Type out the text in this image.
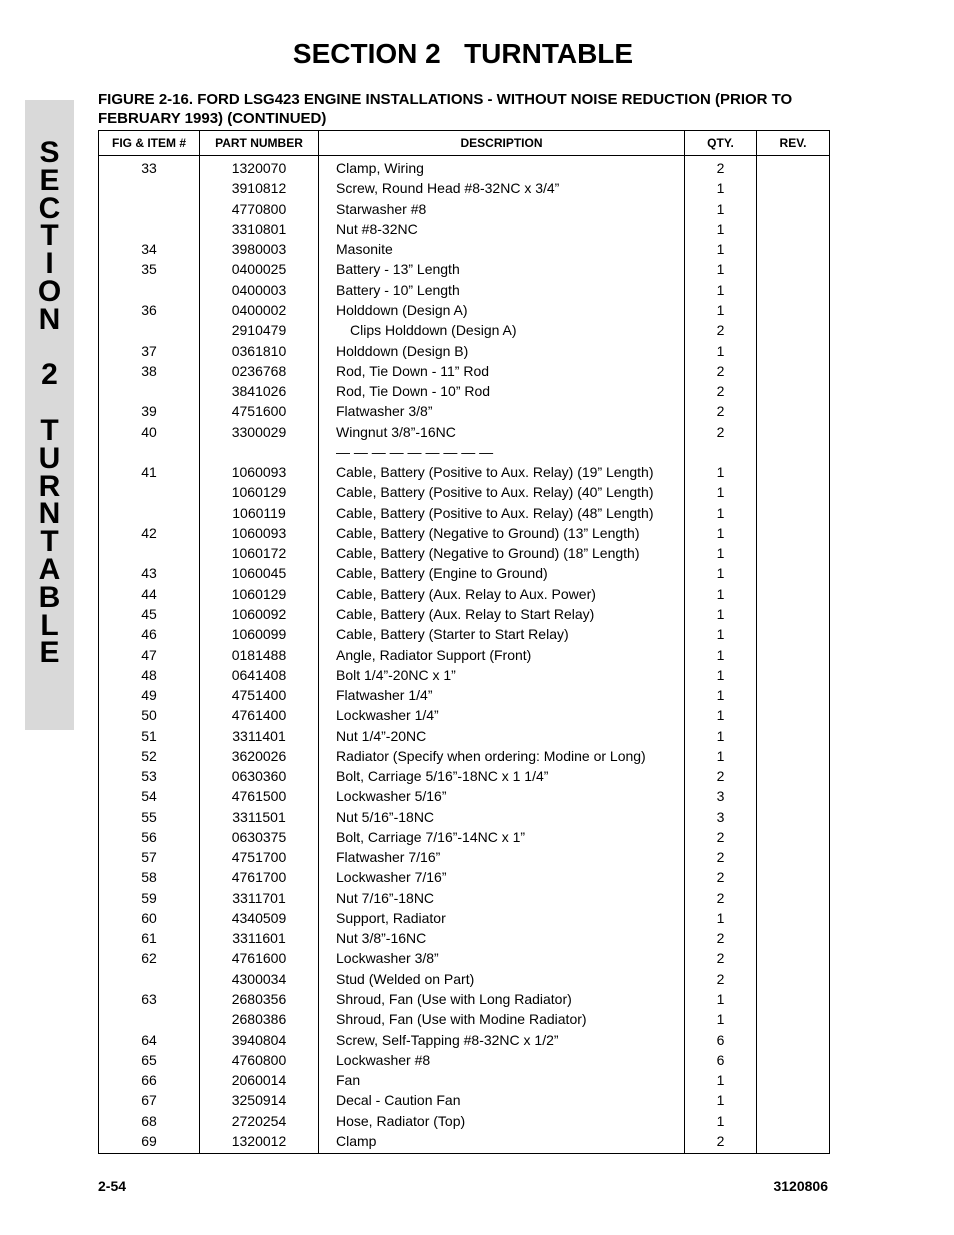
SECTION 2   TURNTABLE
S
E
C
T
I
O
N
2
T
U
R
N
T
A
B
L
E
FIGURE 2-16. FORD LSG423 ENGINE INSTALLATIONS - WITHOUT NOISE REDUCTION (PRIOR TO FEBRUARY 1993) (CONTINUED)
FIG & ITEM #	PART NUMBER	DESCRIPTION	QTY.	REV.
33	1320070	Clamp, Wiring	2	
	3910812	Screw, Round Head #8-32NC x 3/4”	1	
	4770800	Starwasher #8	1	
	3310801	Nut #8-32NC	1	
34	3980003	Masonite	1	
35	0400025	Battery - 13” Length	1	
	0400003	Battery - 10” Length	1	
36	0400002	Holddown (Design A)	1	
	2910479	Clips Holddown (Design A)	2	
37	0361810	Holddown (Design B)	1	
38	0236768	Rod, Tie Down - 11” Rod	2	
	3841026	Rod, Tie Down - 10” Rod	2	
39	4751600	Flatwasher 3/8”	2	
40	3300029	Wingnut 3/8”-16NC	2	
		— — — — — — — — —		
41	1060093	Cable, Battery (Positive to Aux. Relay) (19” Length)	1	
	1060129	Cable, Battery (Positive to Aux. Relay) (40” Length)	1	
	1060119	Cable, Battery (Positive to Aux. Relay) (48” Length)	1	
42	1060093	Cable, Battery (Negative to Ground) (13” Length)	1	
	1060172	Cable, Battery (Negative to Ground) (18” Length)	1	
43	1060045	Cable, Battery (Engine to Ground)	1	
44	1060129	Cable, Battery (Aux. Relay to Aux. Power)	1	
45	1060092	Cable, Battery (Aux. Relay to Start Relay)	1	
46	1060099	Cable, Battery (Starter to Start Relay)	1	
47	0181488	Angle, Radiator Support (Front)	1	
48	0641408	Bolt 1/4”-20NC x 1”	1	
49	4751400	Flatwasher 1/4”	1	
50	4761400	Lockwasher 1/4”	1	
51	3311401	Nut 1/4”-20NC	1	
52	3620026	Radiator (Specify when ordering: Modine or Long)	1	
53	0630360	Bolt, Carriage 5/16”-18NC x 1 1/4”	2	
54	4761500	Lockwasher 5/16”	3	
55	3311501	Nut 5/16”-18NC	3	
56	0630375	Bolt, Carriage 7/16”-14NC x 1”	2	
57	4751700	Flatwasher 7/16”	2	
58	4761700	Lockwasher 7/16”	2	
59	3311701	Nut 7/16”-18NC	2	
60	4340509	Support, Radiator	1	
61	3311601	Nut 3/8”-16NC	2	
62	4761600	Lockwasher 3/8”	2	
	4300034	Stud (Welded on Part)	2	
63	2680356	Shroud, Fan (Use with Long Radiator)	1	
	2680386	Shroud, Fan (Use with Modine Radiator)	1	
64	3940804	Screw, Self-Tapping #8-32NC x 1/2”	6	
65	4760800	Lockwasher #8	6	
66	2060014	Fan	1	
67	3250914	Decal - Caution Fan	1	
68	2720254	Hose, Radiator (Top)	1	
69	1320012	Clamp	2	
2-54	3120806
